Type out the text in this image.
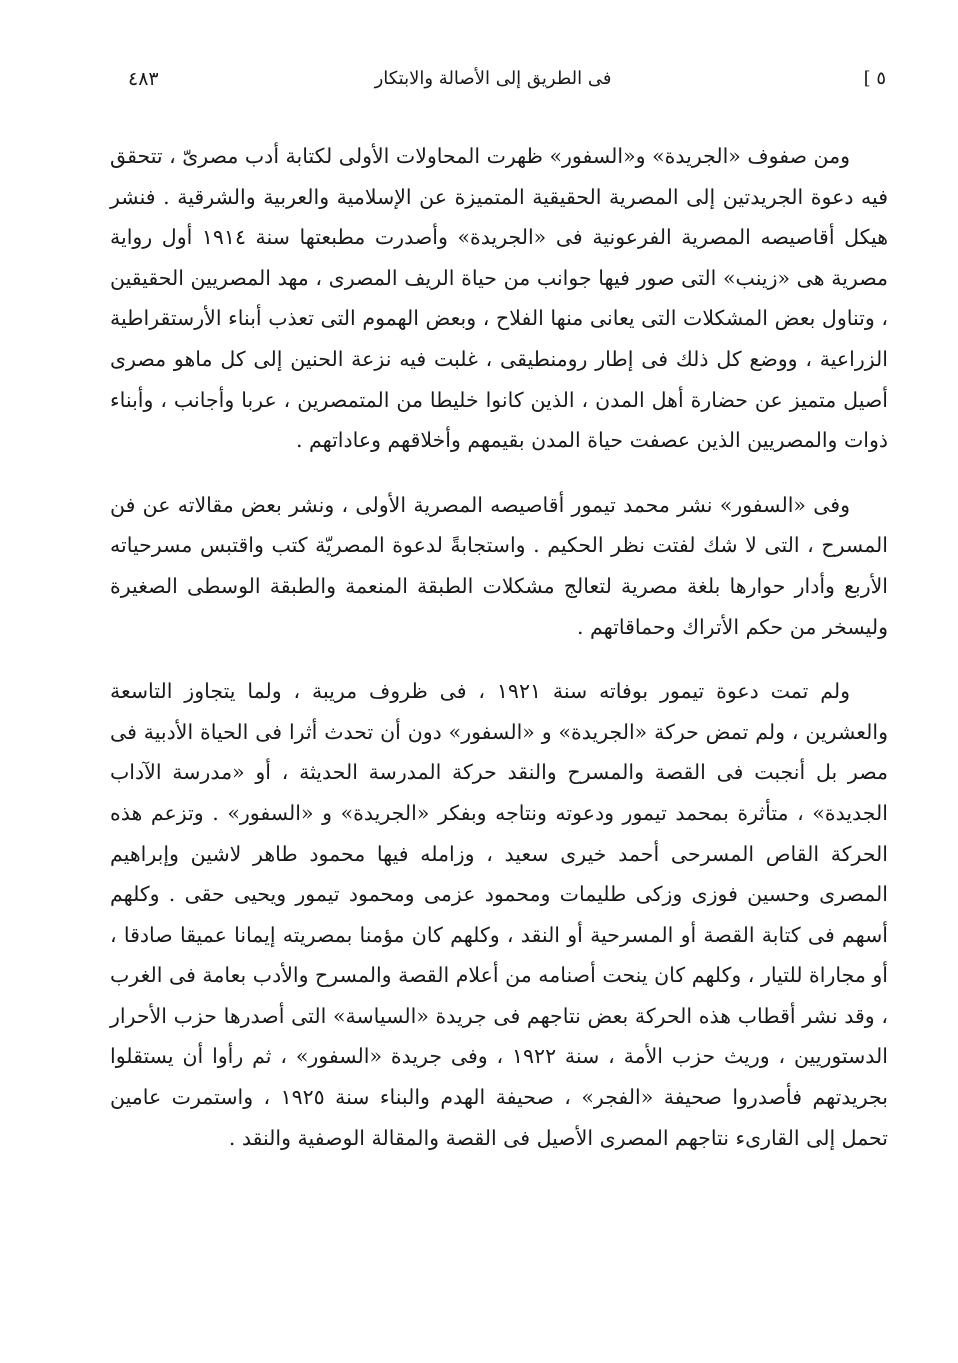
٤٨٣	فى الطريق إلى الأصالة والابتكار	[ ٥

ومن صفوف «الجريدة» و«السفور» ظهرت المحاولات الأولى لكتابة أدب مصرىّ ، تتحقق فيه دعوة الجريدتين إلى المصرية الحقيقية المتميزة عن الإسلامية والعربية والشرقية . فنشر هيكل أقاصيصه المصرية الفرعونية فى «الجريدة» وأصدرت مطبعتها سنة ١٩١٤ أول رواية مصرية هى «زينب» التى صور فيها جوانب من حياة الريف المصرى ، مهد المصريين الحقيقين ، وتناول بعض المشكلات التى يعانى منها الفلاح ، وبعض الهموم التى تعذب أبناء الأرستقراطية الزراعية ، ووضع كل ذلك فى إطار رومنطيقى ، غلبت فيه نزعة الحنين إلى كل ماهو مصرى أصيل متميز عن حضارة أهل المدن ، الذين كانوا خليطا من المتمصرين ، عربا وأجانب ، وأبناء ذوات والمصريين الذين عصفت حياة المدن بقيمهم وأخلاقهم وعاداتهم .

وفى «السفور» نشر محمد تيمور أقاصيصه المصرية الأولى ، ونشر بعض مقالاته عن فن المسرح ، التى لا شك لفتت نظر الحكيم . واستجابةً لدعوة المصريّة كتب واقتبس مسرحياته الأربع وأدار حوارها بلغة مصرية لتعالج مشكلات الطبقة المنعمة والطبقة الوسطى الصغيرة وليسخر من حكم الأتراك وحماقاتهم .

ولم تمت دعوة تيمور بوفاته سنة ١٩٢١ ، فى ظروف مريبة ، ولما يتجاوز التاسعة والعشرين ، ولم تمض حركة «الجريدة» و «السفور» دون أن تحدث أثرا فى الحياة الأدبية فى مصر بل أنجبت فى القصة والمسرح والنقد حركة المدرسة الحديثة ، أو «مدرسة الآداب الجديدة» ، متأثرة بمحمد تيمور ودعوته ونتاجه وبفكر «الجريدة» و «السفور» . وتزعم هذه الحركة القاص المسرحى أحمد خيرى سعيد ، وزامله فيها محمود طاهر لاشين وإبراهيم المصرى وحسين فوزى وزكى طليمات ومحمود عزمى ومحمود تيمور ويحيى حقى . وكلهم أسهم فى كتابة القصة أو المسرحية أو النقد ، وكلهم كان مؤمنا بمصريته إيمانا عميقا صادقا ، أو مجاراة للتيار ، وكلهم كان ينحت أصنامه من أعلام القصة والمسرح والأدب بعامة فى الغرب ، وقد نشر أقطاب هذه الحركة بعض نتاجهم فى جريدة «السياسة» التى أصدرها حزب الأحرار الدستوريين ، وريث حزب الأمة ، سنة ١٩٢٢ ، وفى جريدة «السفور» ، ثم رأوا أن يستقلوا بجريدتهم فأصدروا صحيفة «الفجر» ، صحيفة الهدم والبناء سنة ١٩٢٥ ، واستمرت عامين تحمل إلى القارىء نتاجهم المصرى الأصيل فى القصة والمقالة الوصفية والنقد .
